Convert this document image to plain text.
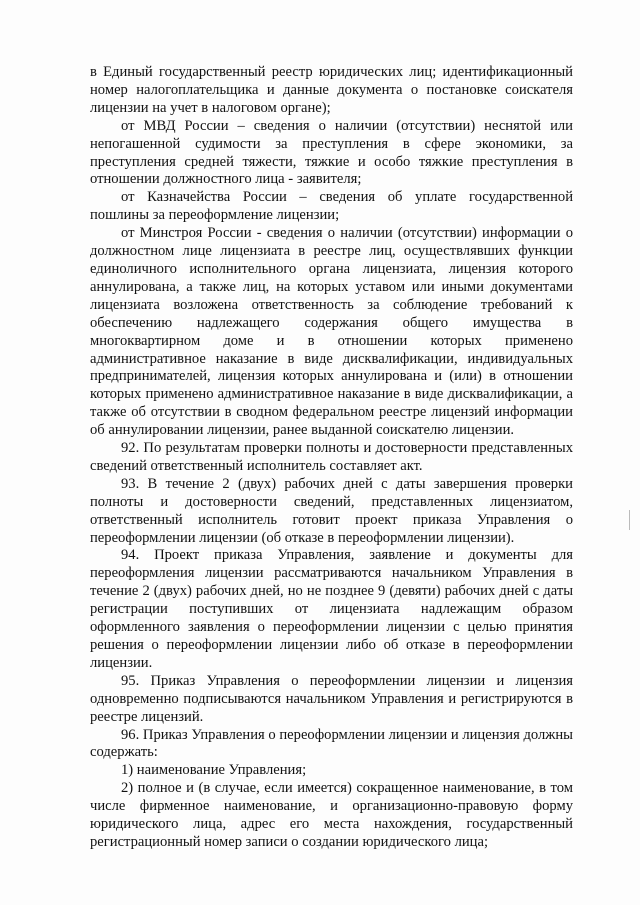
в Единый государственный реестр юридических лиц; идентификационный номер налогоплательщика и данные документа о постановке соискателя лицензии на учет в налоговом органе);

от МВД России – сведения о наличии (отсутствии) неснятой или непогашенной судимости за преступления в сфере экономики, за преступления средней тяжести, тяжкие и особо тяжкие преступления в отношении должностного лица - заявителя;

от Казначейства России – сведения об уплате государственной пошлины за переоформление лицензии;

от Минстроя России - сведения о наличии (отсутствии) информации о должностном лице лицензиата в реестре лиц, осуществлявших функции единоличного исполнительного органа лицензиата, лицензия которого аннулирована, а также лиц, на которых уставом или иными документами лицензиата возложена ответственность за соблюдение требований к обеспечению надлежащего содержания общего имущества в многоквартирном доме и в отношении которых применено административное наказание в виде дисквалификации, индивидуальных предпринимателей, лицензия которых аннулирована и (или) в отношении которых применено административное наказание в виде дисквалификации, а также об отсутствии в сводном федеральном реестре лицензий информации об аннулировании лицензии, ранее выданной соискателю лицензии.

92. По результатам проверки полноты и достоверности представленных сведений ответственный исполнитель составляет акт.

93. В течение 2 (двух) рабочих дней с даты завершения проверки полноты и достоверности сведений, представленных лицензиатом, ответственный исполнитель готовит проект приказа Управления о переоформлении лицензии (об отказе в переоформлении лицензии).

94. Проект приказа Управления, заявление и документы для переоформления лицензии рассматриваются начальником Управления в течение 2 (двух) рабочих дней, но не позднее 9 (девяти) рабочих дней с даты регистрации поступивших от лицензиата надлежащим образом оформленного заявления о переоформлении лицензии с целью принятия решения о переоформлении лицензии либо об отказе в переоформлении лицензии.

95. Приказ Управления о переоформлении лицензии и лицензия одновременно подписываются начальником Управления и регистрируются в реестре лицензий.

96. Приказ Управления о переоформлении лицензии и лицензия должны содержать:

1) наименование Управления;

2) полное и (в случае, если имеется) сокращенное наименование, в том числе фирменное наименование, и организационно-правовую форму юридического лица, адрес его места нахождения, государственный регистрационный номер записи о создании юридического лица;
